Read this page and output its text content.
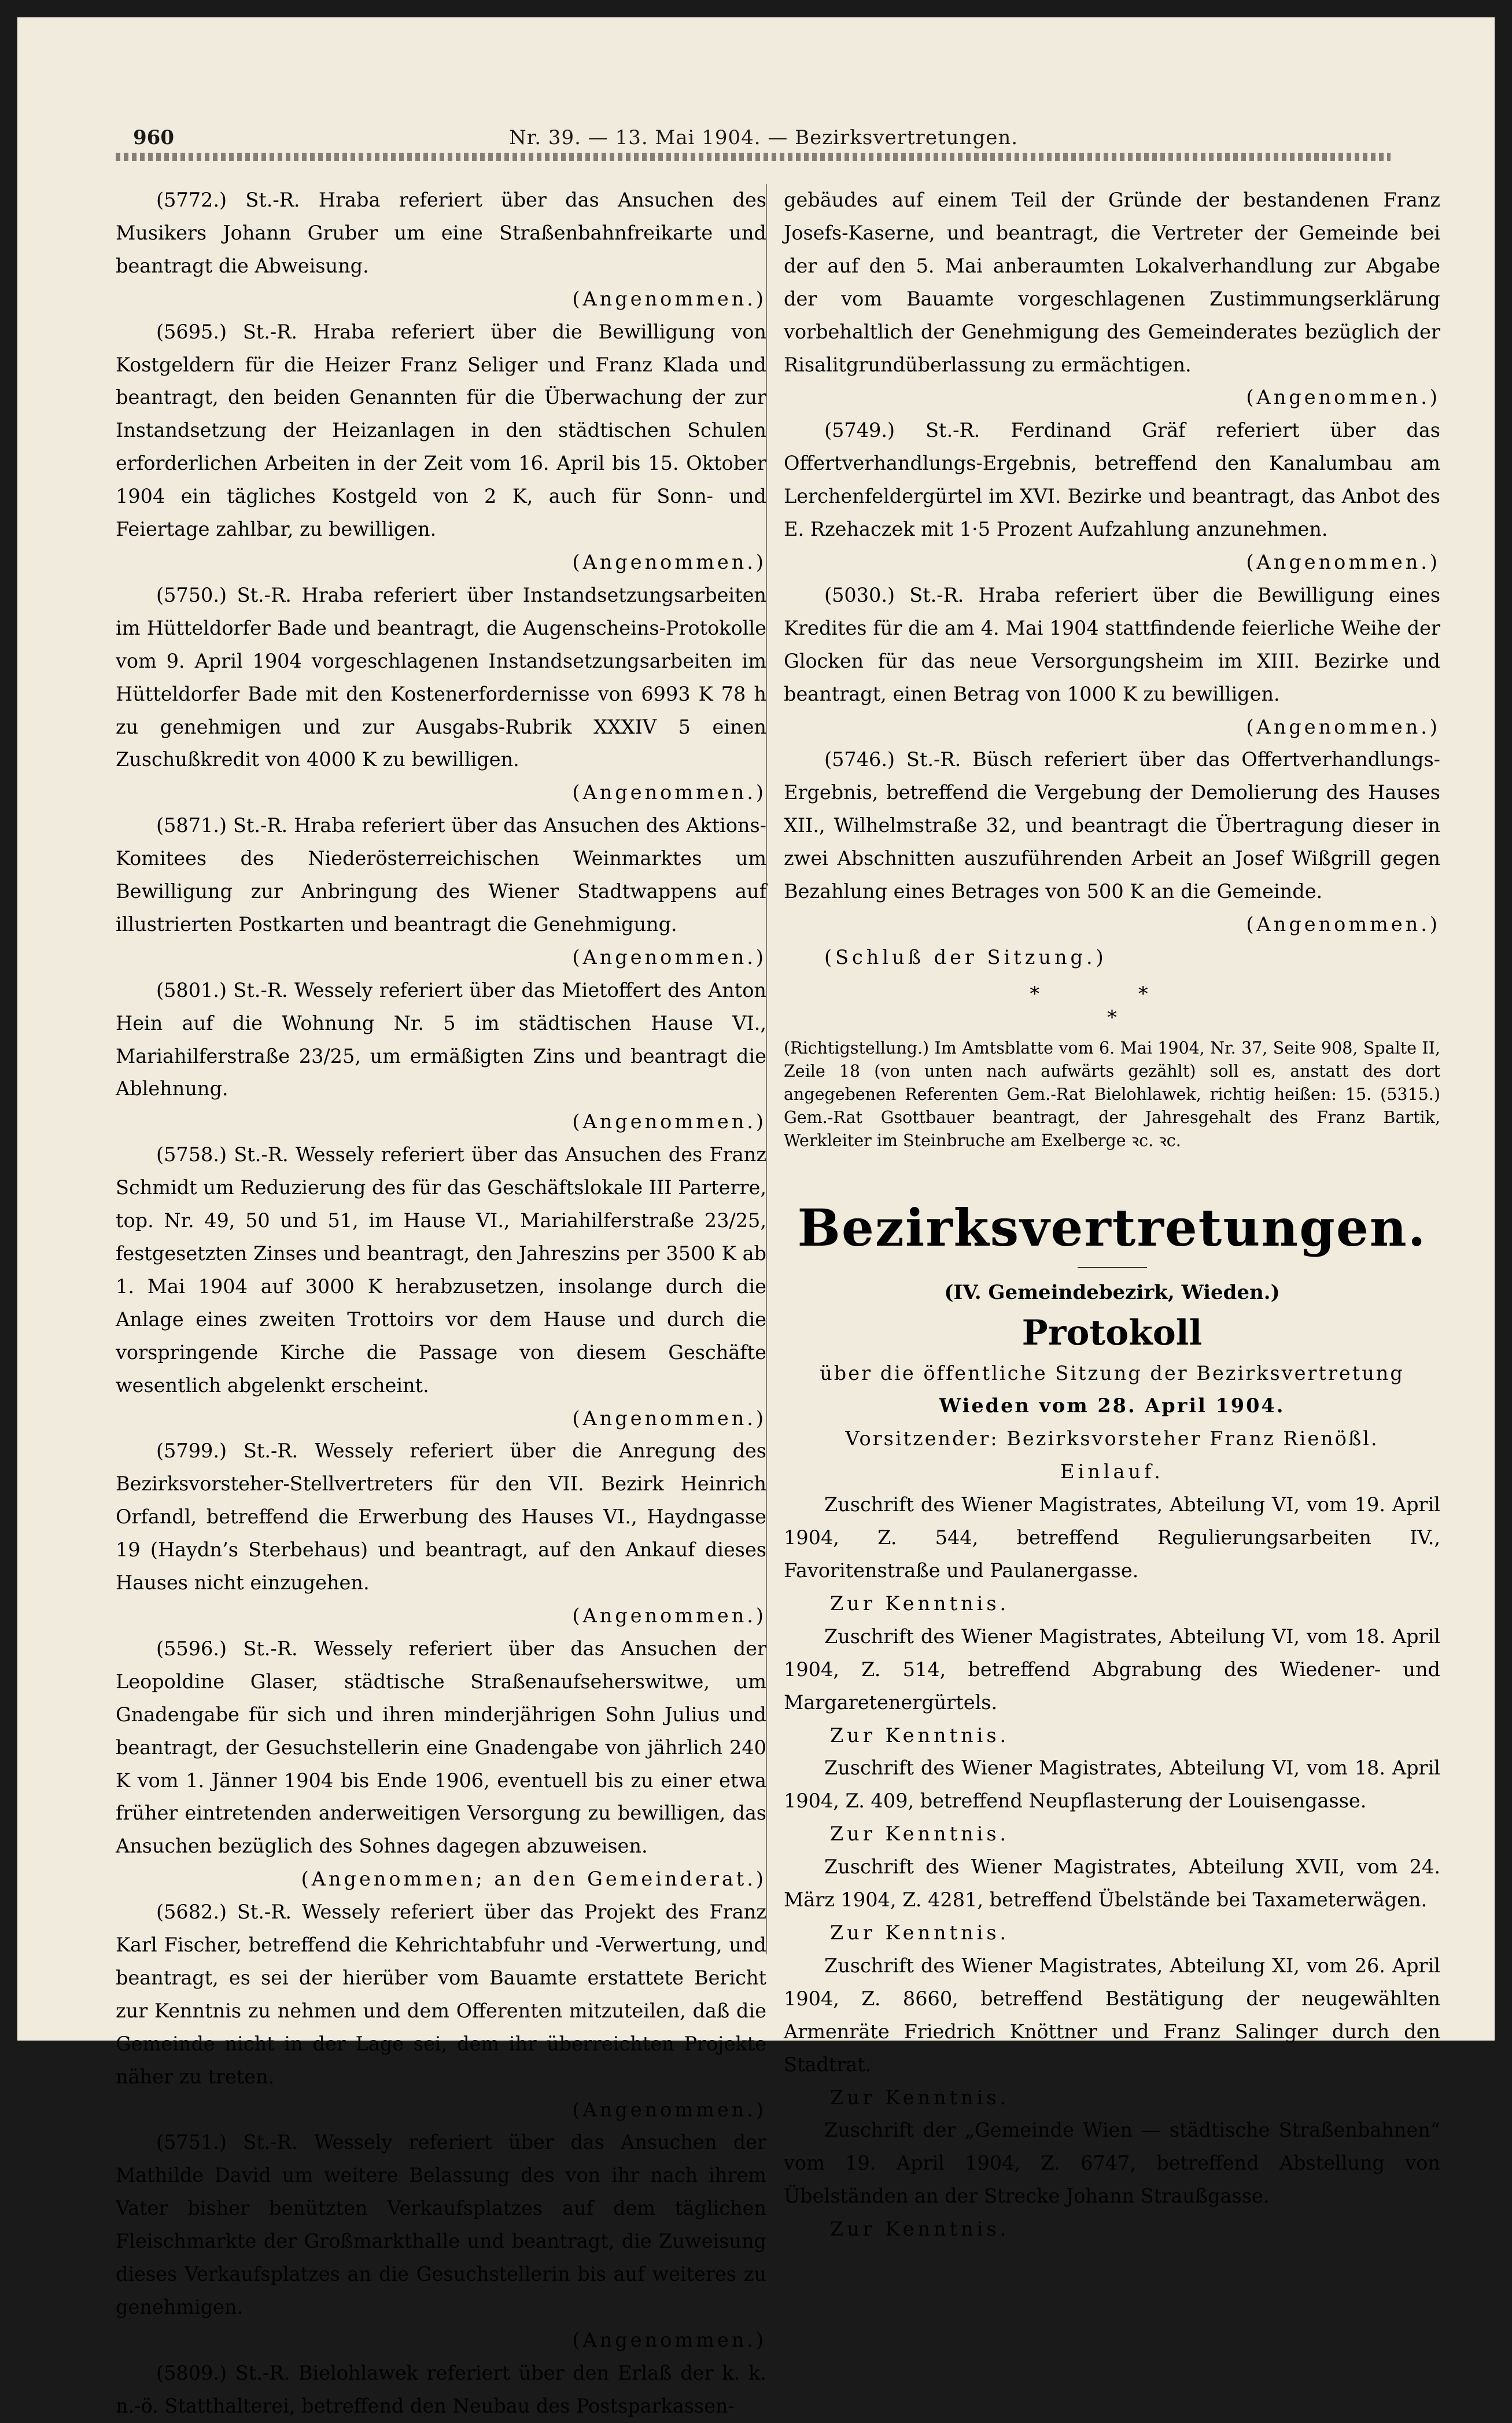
960	Nr. 39. — 13. Mai 1904. — Bezirksvertretungen.

(5772.) St.-R. Hraba referiert über das Ansuchen des Musikers Johann Gruber um eine Straßenbahnfreikarte und beantragt die Abweisung.
(Angenommen.)

(5695.) St.-R. Hraba referiert über die Bewilligung von Kostgeldern für die Heizer Franz Seliger und Franz Klada und beantragt, den beiden Genannten für die Überwachung der zur Instandsetzung der Heizanlagen in den städtischen Schulen erforderlichen Arbeiten in der Zeit vom 16. April bis 15. Oktober 1904 ein tägliches Kostgeld von 2 K, auch für Sonn- und Feiertage zahlbar, zu bewilligen.
(Angenommen.)

(5750.) St.-R. Hraba referiert über Instandsetzungsarbeiten im Hütteldorfer Bade und beantragt, die Augenscheins-Protokolle vom 9. April 1904 vorgeschlagenen Instandsetzungsarbeiten im Hütteldorfer Bade mit den Kostenerfordernisse von 6993 K 78 h zu genehmigen und zur Ausgabs-Rubrik XXXIV 5 einen Zuschußkredit von 4000 K zu bewilligen.
(Angenommen.)

(5871.) St.-R. Hraba referiert über das Ansuchen des Aktions-Komitees des Niederösterreichischen Weinmarktes um Bewilligung zur Anbringung des Wiener Stadtwappens auf illustrierten Postkarten und beantragt die Genehmigung.
(Angenommen.)

(5801.) St.-R. Wessely referiert über das Mietoffert des Anton Hein auf die Wohnung Nr. 5 im städtischen Hause VI., Mariahilferstraße 23/25, um ermäßigten Zins und beantragt die Ablehnung.
(Angenommen.)

(5758.) St.-R. Wessely referiert über das Ansuchen des Franz Schmidt um Reduzierung des für das Geschäftslokale III Parterre, top. Nr. 49, 50 und 51, im Hause VI., Mariahilferstraße 23/25, festgesetzten Zinses und beantragt, den Jahreszins per 3500 K ab 1. Mai 1904 auf 3000 K herabzusetzen, insolange durch die Anlage eines zweiten Trottoirs vor dem Hause und durch die vorspringende Kirche die Passage von diesem Geschäfte wesentlich abgelenkt erscheint.
(Angenommen.)

(5799.) St.-R. Wessely referiert über die Anregung des Bezirksvorsteher-Stellvertreters für den VII. Bezirk Heinrich Orfandl, betreffend die Erwerbung des Hauses VI., Haydngasse 19 (Haydn’s Sterbehaus) und beantragt, auf den Ankauf dieses Hauses nicht einzugehen.
(Angenommen.)

(5596.) St.-R. Wessely referiert über das Ansuchen der Leopoldine Glaser, städtische Straßenaufseherswitwe, um Gnadengabe für sich und ihren minderjährigen Sohn Julius und beantragt, der Gesuchstellerin eine Gnadengabe von jährlich 240 K vom 1. Jänner 1904 bis Ende 1906, eventuell bis zu einer etwa früher eintretenden anderweitigen Versorgung zu bewilligen, das Ansuchen bezüglich des Sohnes dagegen abzuweisen.
(Angenommen; an den Gemeinderat.)

(5682.) St.-R. Wessely referiert über das Projekt des Franz Karl Fischer, betreffend die Kehrichtabfuhr und -Verwertung, und beantragt, es sei der hierüber vom Bauamte erstattete Bericht zur Kenntnis zu nehmen und dem Offerenten mitzuteilen, daß die Gemeinde nicht in der Lage sei, dem ihr überreichten Projekte näher zu treten.
(Angenommen.)

(5751.) St.-R. Wessely referiert über das Ansuchen der Mathilde David um weitere Belassung des von ihr nach ihrem Vater bisher benützten Verkaufsplatzes auf dem täglichen Fleischmarkte der Großmarkthalle und beantragt, die Zuweisung dieses Verkaufsplatzes an die Gesuchstellerin bis auf weiteres zu genehmigen.
(Angenommen.)

(5809.) St.-R. Bielohlawek referiert über den Erlaß der k. k. n.-ö. Statthalterei, betreffend den Neubau des Postsparkassen-

gebäudes auf einem Teil der Gründe der bestandenen Franz Josefs-Kaserne, und beantragt, die Vertreter der Gemeinde bei der auf den 5. Mai anberaumten Lokalverhandlung zur Abgabe der vom Bauamte vorgeschlagenen Zustimmungserklärung vorbehaltlich der Genehmigung des Gemeinderates bezüglich der Risalitgrundüberlassung zu ermächtigen.
(Angenommen.)

(5749.) St.-R. Ferdinand Gräf referiert über das Offertverhandlungs-Ergebnis, betreffend den Kanalumbau am Lerchenfeldergürtel im XVI. Bezirke und beantragt, das Anbot des E. Rzehaczek mit 1·5 Prozent Aufzahlung anzunehmen.
(Angenommen.)

(5030.) St.-R. Hraba referiert über die Bewilligung eines Kredites für die am 4. Mai 1904 stattfindende feierliche Weihe der Glocken für das neue Versorgungsheim im XIII. Bezirke und beantragt, einen Betrag von 1000 K zu bewilligen.
(Angenommen.)

(5746.) St.-R. Büsch referiert über das Offertverhandlungs-Ergebnis, betreffend die Vergebung der Demolierung des Hauses XII., Wilhelmstraße 32, und beantragt die Übertragung dieser in zwei Abschnitten auszuführenden Arbeit an Josef Wißgrill gegen Bezahlung eines Betrages von 500 K an die Gemeinde.
(Angenommen.)

(Schluß der Sitzung.)

* *

*

(Richtigstellung.) Im Amtsblatte vom 6. Mai 1904, Nr. 37, Seite 908, Spalte II, Zeile 18 (von unten nach aufwärts gezählt) soll es, anstatt des dort angegebenen Referenten Gem.-Rat Bielohlawek, richtig heißen: 15. (5315.) Gem.-Rat Gsottbauer beantragt, der Jahresgehalt des Franz Bartik, Werkleiter im Steinbruche am Exelberge ꝛc. ꝛc.

Bezirksvertretungen.

(IV. Gemeindebezirk, Wieden.)

Protokoll

über die öffentliche Sitzung der Bezirksvertretung

Wieden vom 28. April 1904.

Vorsitzender: Bezirksvorsteher Franz Rienößl.

Einlauf.

Zuschrift des Wiener Magistrates, Abteilung VI, vom 19. April 1904, Z. 544, betreffend Regulierungsarbeiten IV., Favoritenstraße und Paulanergasse.

Zur Kenntnis.

Zuschrift des Wiener Magistrates, Abteilung VI, vom 18. April 1904, Z. 514, betreffend Abgrabung des Wiedener- und Margaretenergürtels.

Zur Kenntnis.

Zuschrift des Wiener Magistrates, Abteilung VI, vom 18. April 1904, Z. 409, betreffend Neupflasterung der Louisengasse.

Zur Kenntnis.

Zuschrift des Wiener Magistrates, Abteilung XVII, vom 24. März 1904, Z. 4281, betreffend Übelstände bei Taxameterwägen.

Zur Kenntnis.

Zuschrift des Wiener Magistrates, Abteilung XI, vom 26. April 1904, Z. 8660, betreffend Bestätigung der neugewählten Armenräte Friedrich Knöttner und Franz Salinger durch den Stadtrat.

Zur Kenntnis.

Zuschrift der „Gemeinde Wien — städtische Straßenbahnen“ vom 19. April 1904, Z. 6747, betreffend Abstellung von Übelständen an der Strecke Johann Straußgasse.

Zur Kenntnis.
